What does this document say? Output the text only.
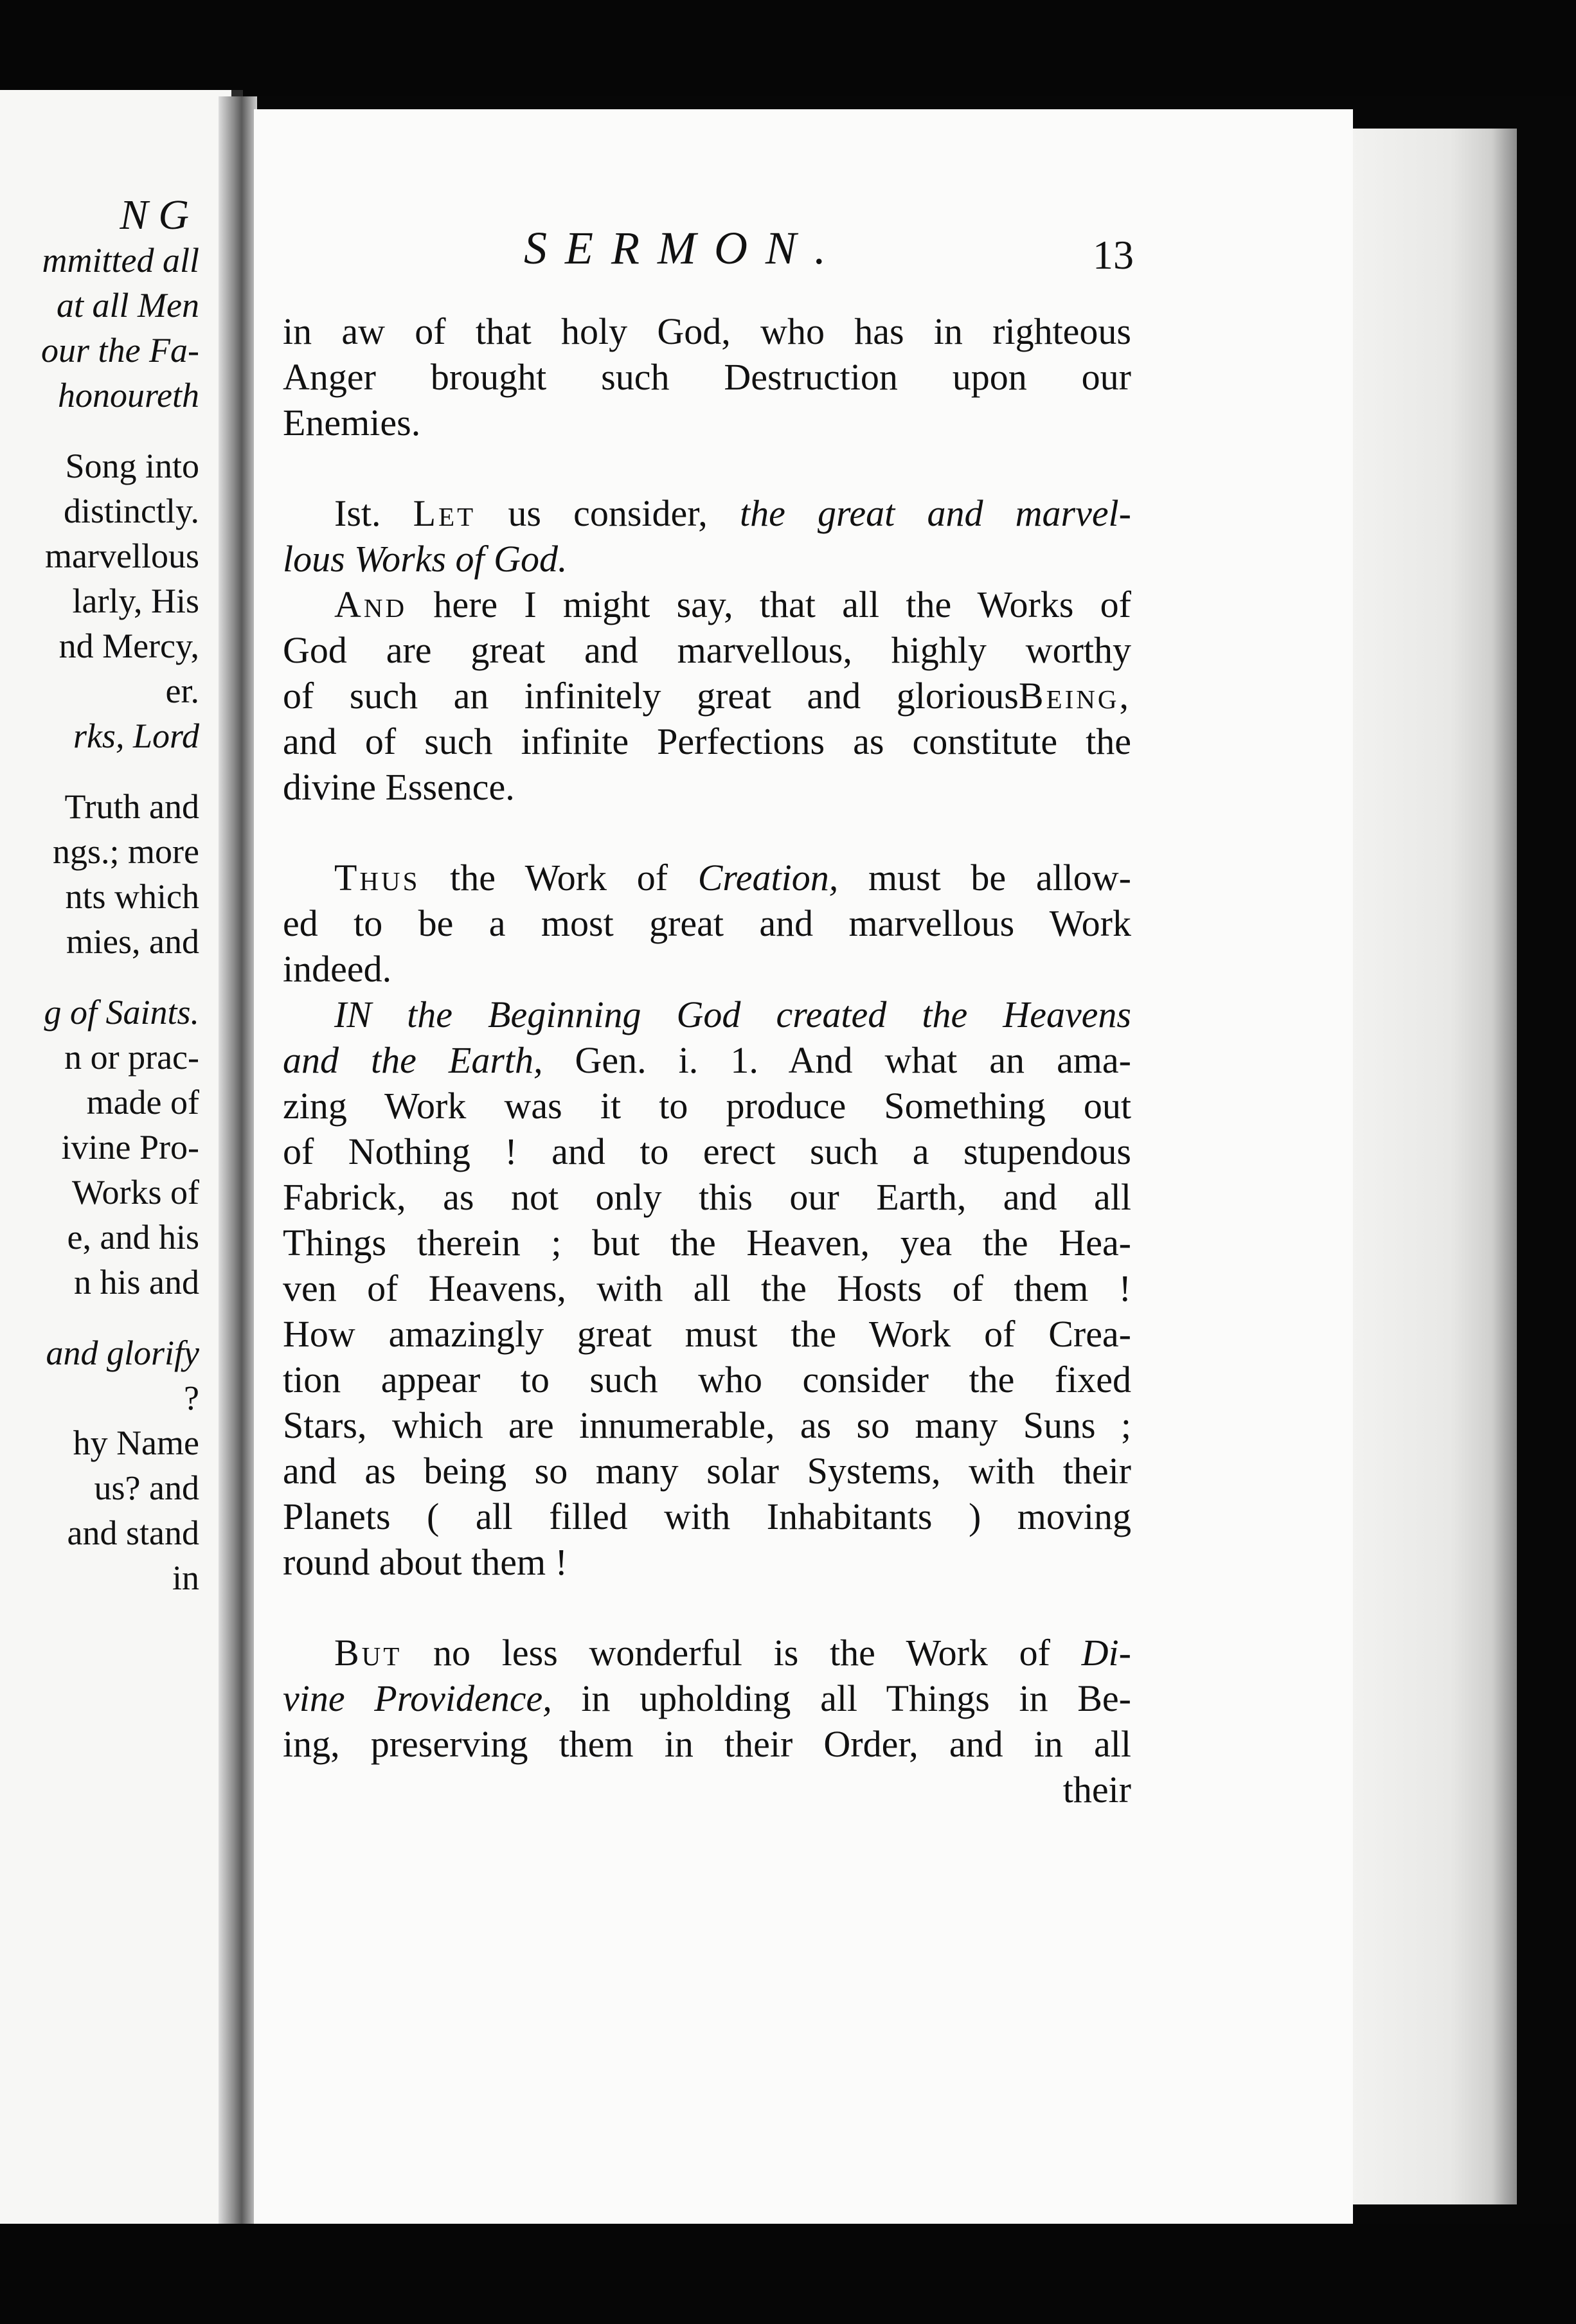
NG
mmitted all
at all Men
our the Fa-
honoureth
Song into
distinctly.
marvellous
larly, His
nd Mercy,
er.
rks, Lord
Truth and
ngs.; more
nts which
mies, and
g of Saints.
n or prac-
made of
ivine Pro-
Works of
e, and his
n his and
and glorify
?
hy Name
us? and
and stand
in
SERMON.	13
in aw of that holy God, who has in righteous
Anger brought such Destruction upon our
Enemies.
Ist. Let us consider, the great and marvel-
lous Works of God.
And here I might say, that all the Works of
God are great and marvellous, highly worthy
of such an infinitely great and gloriousBeing,
and of such infinite Perfections as constitute the
divine Essence.
Thus the Work of Creation, must be allow-
ed to be a most great and marvellous Work
indeed.
IN the Beginning God created the Heavens
and the Earth, Gen. i. 1. And what an ama-
zing Work was it to produce Something out
of Nothing ! and to erect such a stupendous
Fabrick, as not only this our Earth, and all
Things therein ; but the Heaven, yea the Hea-
ven of Heavens, with all the Hosts of them !
How amazingly great must the Work of Crea-
tion appear to such who consider the fixed
Stars, which are innumerable, as so many Suns ;
and as being so many solar Systems, with their
Planets ( all filled with Inhabitants ) moving
round about them !
But no less wonderful is the Work of Di-
vine Providence, in upholding all Things in Be-
ing, preserving them in their Order, and in all
their
